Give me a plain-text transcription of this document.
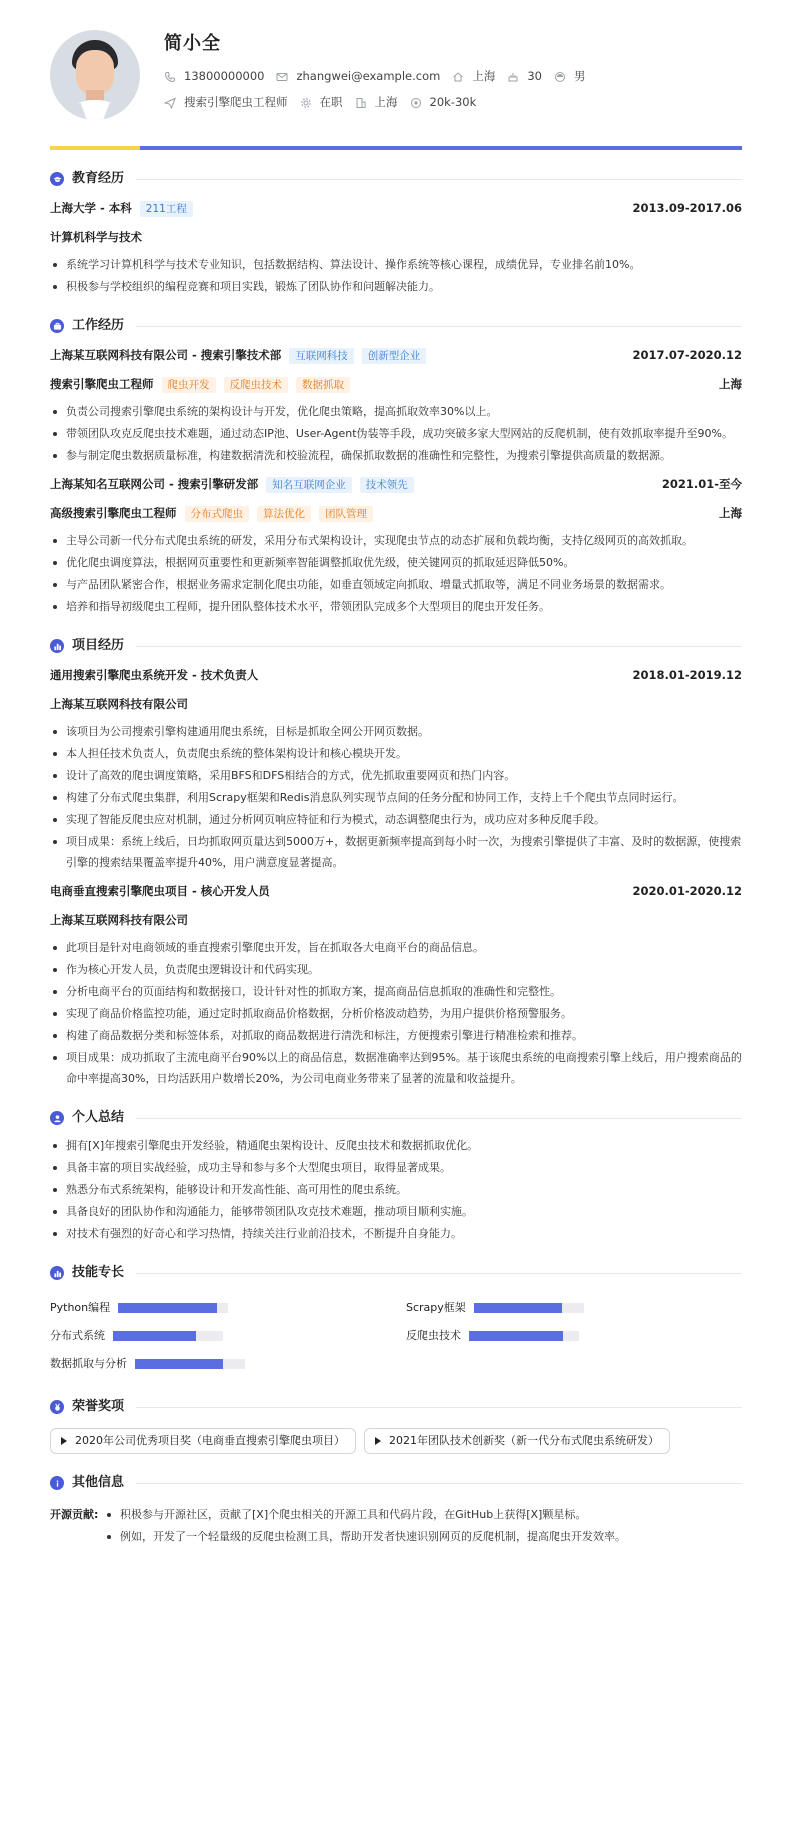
简小全
13800000000	zhangwei@example.com	上海	30	男
搜索引擎爬虫工程师	在职	上海	20k-30k
教育经历
上海大学 - 本科	211工程	2013.09-2017.06
计算机科学与技术
系统学习计算机科学与技术专业知识，包括数据结构、算法设计、操作系统等核心课程，成绩优异，专业排名前10%。
积极参与学校组织的编程竞赛和项目实践，锻炼了团队协作和问题解决能力。
工作经历
上海某互联网科技有限公司 - 搜索引擎技术部	互联网科技	创新型企业	2017.07-2020.12
搜索引擎爬虫工程师	爬虫开发	反爬虫技术	数据抓取	上海
负责公司搜索引擎爬虫系统的架构设计与开发，优化爬虫策略，提高抓取效率30%以上。
带领团队攻克反爬虫技术难题，通过动态IP池、User-Agent伪装等手段，成功突破多家大型网站的反爬机制，使有效抓取率提升至90%。
参与制定爬虫数据质量标准，构建数据清洗和校验流程，确保抓取数据的准确性和完整性，为搜索引擎提供高质量的数据源。
上海某知名互联网公司 - 搜索引擎研发部	知名互联网企业	技术领先	2021.01-至今
高级搜索引擎爬虫工程师	分布式爬虫	算法优化	团队管理	上海
主导公司新一代分布式爬虫系统的研发，采用分布式架构设计，实现爬虫节点的动态扩展和负载均衡，支持亿级网页的高效抓取。
优化爬虫调度算法，根据网页重要性和更新频率智能调整抓取优先级，使关键网页的抓取延迟降低50%。
与产品团队紧密合作，根据业务需求定制化爬虫功能，如垂直领域定向抓取、增量式抓取等，满足不同业务场景的数据需求。
培养和指导初级爬虫工程师，提升团队整体技术水平，带领团队完成多个大型项目的爬虫开发任务。
项目经历
通用搜索引擎爬虫系统开发 - 技术负责人	2018.01-2019.12
上海某互联网科技有限公司
该项目为公司搜索引擎构建通用爬虫系统，目标是抓取全网公开网页数据。
本人担任技术负责人，负责爬虫系统的整体架构设计和核心模块开发。
设计了高效的爬虫调度策略，采用BFS和DFS相结合的方式，优先抓取重要网页和热门内容。
构建了分布式爬虫集群，利用Scrapy框架和Redis消息队列实现节点间的任务分配和协同工作，支持上千个爬虫节点同时运行。
实现了智能反爬虫应对机制，通过分析网页响应特征和行为模式，动态调整爬虫行为，成功应对多种反爬手段。
项目成果：系统上线后，日均抓取网页量达到5000万+，数据更新频率提高到每小时一次，为搜索引擎提供了丰富、及时的数据源，使搜索引擎的搜索结果覆盖率提升40%，用户满意度显著提高。
电商垂直搜索引擎爬虫项目 - 核心开发人员	2020.01-2020.12
上海某互联网科技有限公司
此项目是针对电商领域的垂直搜索引擎爬虫开发，旨在抓取各大电商平台的商品信息。
作为核心开发人员，负责爬虫逻辑设计和代码实现。
分析电商平台的页面结构和数据接口，设计针对性的抓取方案，提高商品信息抓取的准确性和完整性。
实现了商品价格监控功能，通过定时抓取商品价格数据，分析价格波动趋势，为用户提供价格预警服务。
构建了商品数据分类和标签体系，对抓取的商品数据进行清洗和标注，方便搜索引擎进行精准检索和推荐。
项目成果：成功抓取了主流电商平台90%以上的商品信息，数据准确率达到95%。基于该爬虫系统的电商搜索引擎上线后，用户搜索商品的命中率提高30%，日均活跃用户数增长20%，为公司电商业务带来了显著的流量和收益提升。
个人总结
拥有[X]年搜索引擎爬虫开发经验，精通爬虫架构设计、反爬虫技术和数据抓取优化。
具备丰富的项目实战经验，成功主导和参与多个大型爬虫项目，取得显著成果。
熟悉分布式系统架构，能够设计和开发高性能、高可用性的爬虫系统。
具备良好的团队协作和沟通能力，能够带领团队攻克技术难题，推动项目顺利实施。
对技术有强烈的好奇心和学习热情，持续关注行业前沿技术，不断提升自身能力。
技能专长
Python编程	Scrapy框架
分布式系统	反爬虫技术
数据抓取与分析
荣誉奖项
2020年公司优秀项目奖（电商垂直搜索引擎爬虫项目）	2021年团队技术创新奖（新一代分布式爬虫系统研发）
其他信息
开源贡献:	积极参与开源社区，贡献了[X]个爬虫相关的开源工具和代码片段，在GitHub上获得[X]颗星标。
例如，开发了一个轻量级的反爬虫检测工具，帮助开发者快速识别网页的反爬机制，提高爬虫开发效率。
